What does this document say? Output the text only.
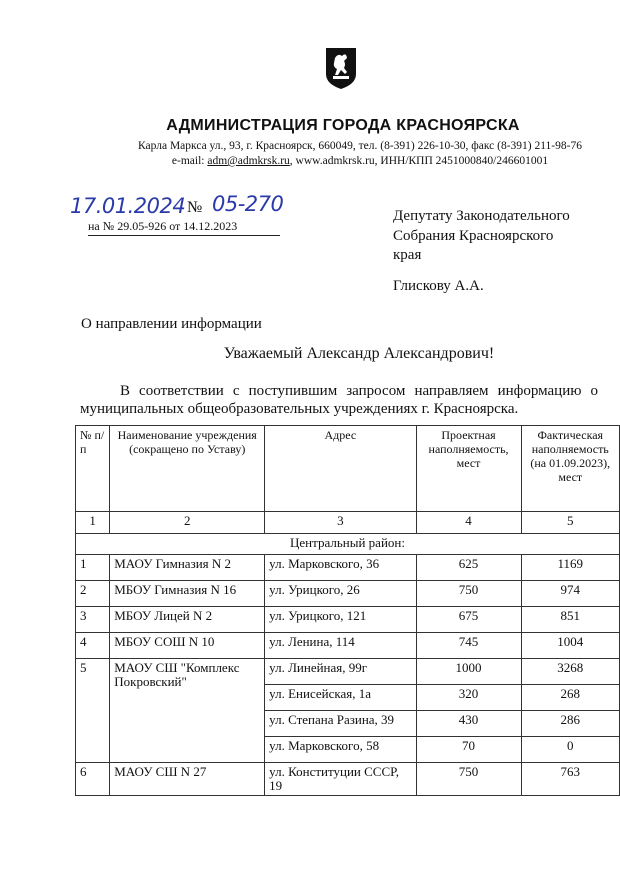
АДМИНИСТРАЦИЯ ГОРОДА КРАСНОЯРСКА
Карла Маркса ул., 93, г. Красноярск, 660049, тел. (8-391) 226-10-30, факс (8-391) 211-98-76
e-mail: adm@admkrsk.ru, www.admkrsk.ru, ИНН/КПП 2451000840/246601001
17.01.2024 № 05-270
на № 29.05-926 от 14.12.2023
Депутату Законодательного
Собрания Красноярского
края
Глискову А.А.
О направлении информации
Уважаемый Александр Александрович!
В соответствии с поступившим запросом направляем информацию о муниципальных общеобразовательных учреждениях г. Красноярска.
№ п/п	Наименование учреждения (сокращено по Уставу)	Адрес	Проектная наполняемость, мест	Фактическая наполняемость (на 01.09.2023), мест
1	2	3	4	5
Центральный район:				
1	МАОУ Гимназия N 2	ул. Марковского, 36	625	1169
2	МБОУ Гимназия N 16	ул. Урицкого, 26	750	974
3	МБОУ Лицей N 2	ул. Урицкого, 121	675	851
4	МБОУ СОШ N 10	ул. Ленина, 114	745	1004
5	МАОУ СШ "Комплекс Покровский"	ул. Линейная, 99г	1000	3268
		ул. Енисейская, 1а	320	268
		ул. Степана Разина, 39	430	286
		ул. Марковского, 58	70	0
6	МАОУ СШ N 27	ул. Конституции СССР, 19	750	763
